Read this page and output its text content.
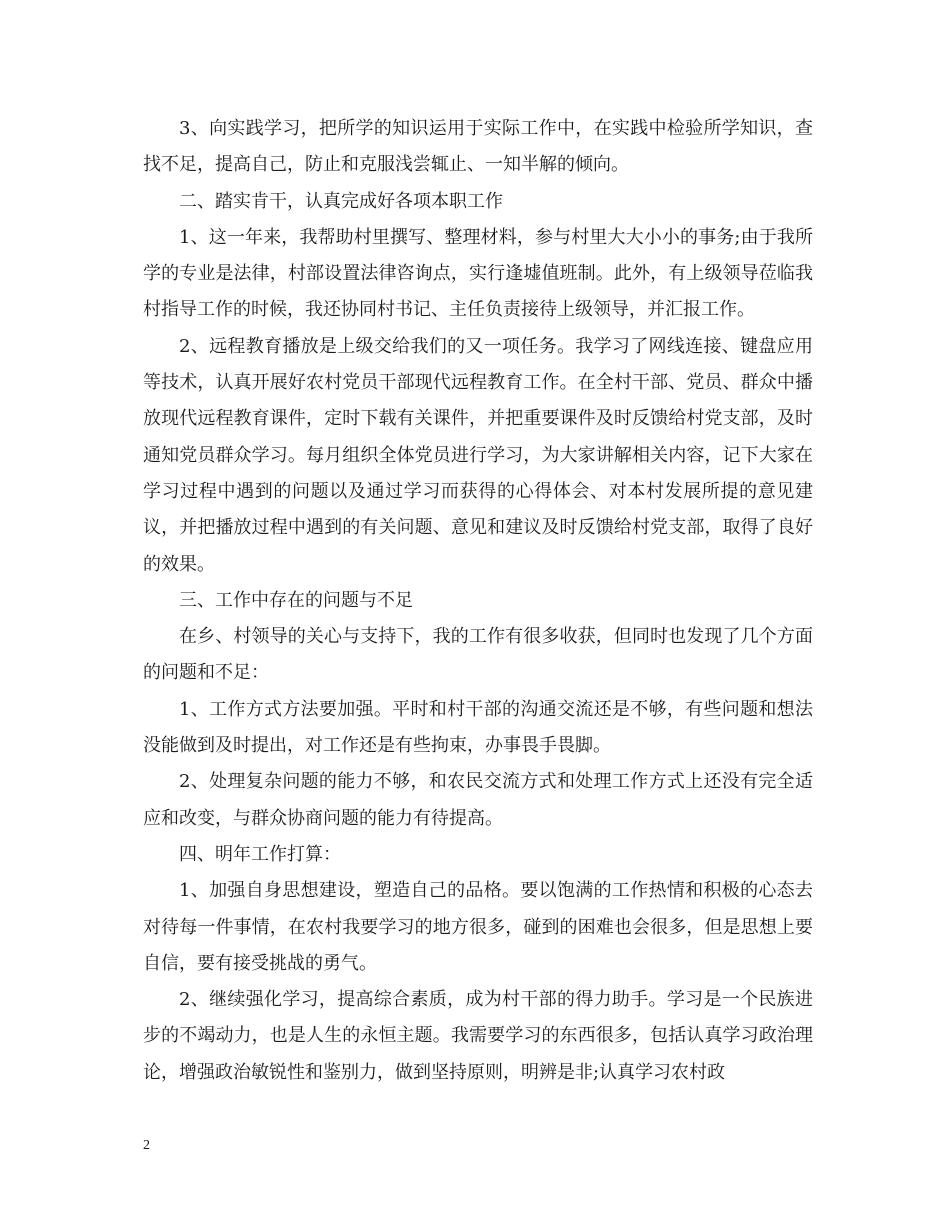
3、向实践学习，把所学的知识运用于实际工作中，在实践中检验所学知识，查找不足，提高自己，防止和克服浅尝辄止、一知半解的倾向。

二、踏实肯干，认真完成好各项本职工作

1、这一年来，我帮助村里撰写、整理材料，参与村里大大小小的事务;由于我所学的专业是法律，村部设置法律咨询点，实行逢墟值班制。此外，有上级领导莅临我村指导工作的时候，我还协同村书记、主任负责接待上级领导，并汇报工作。

2、远程教育播放是上级交给我们的又一项任务。我学习了网线连接、键盘应用等技术，认真开展好农村党员干部现代远程教育工作。在全村干部、党员、群众中播放现代远程教育课件，定时下载有关课件，并把重要课件及时反馈给村党支部，及时通知党员群众学习。每月组织全体党员进行学习，为大家讲解相关内容，记下大家在学习过程中遇到的问题以及通过学习而获得的心得体会、对本村发展所提的意见建议，并把播放过程中遇到的有关问题、意见和建议及时反馈给村党支部，取得了良好的效果。

三、工作中存在的问题与不足

在乡、村领导的关心与支持下，我的工作有很多收获，但同时也发现了几个方面的问题和不足：

1、工作方式方法要加强。平时和村干部的沟通交流还是不够，有些问题和想法没能做到及时提出，对工作还是有些拘束，办事畏手畏脚。

2、处理复杂问题的能力不够，和农民交流方式和处理工作方式上还没有完全适应和改变，与群众协商问题的能力有待提高。

四、明年工作打算：

1、加强自身思想建设，塑造自己的品格。要以饱满的工作热情和积极的心态去对待每一件事情，在农村我要学习的地方很多，碰到的困难也会很多，但是思想上要自信，要有接受挑战的勇气。

2、继续强化学习，提高综合素质，成为村干部的得力助手。学习是一个民族进步的不竭动力，也是人生的永恒主题。我需要学习的东西很多，包括认真学习政治理论，增强政治敏锐性和鉴别力，做到坚持原则，明辨是非;认真学习农村政

2
